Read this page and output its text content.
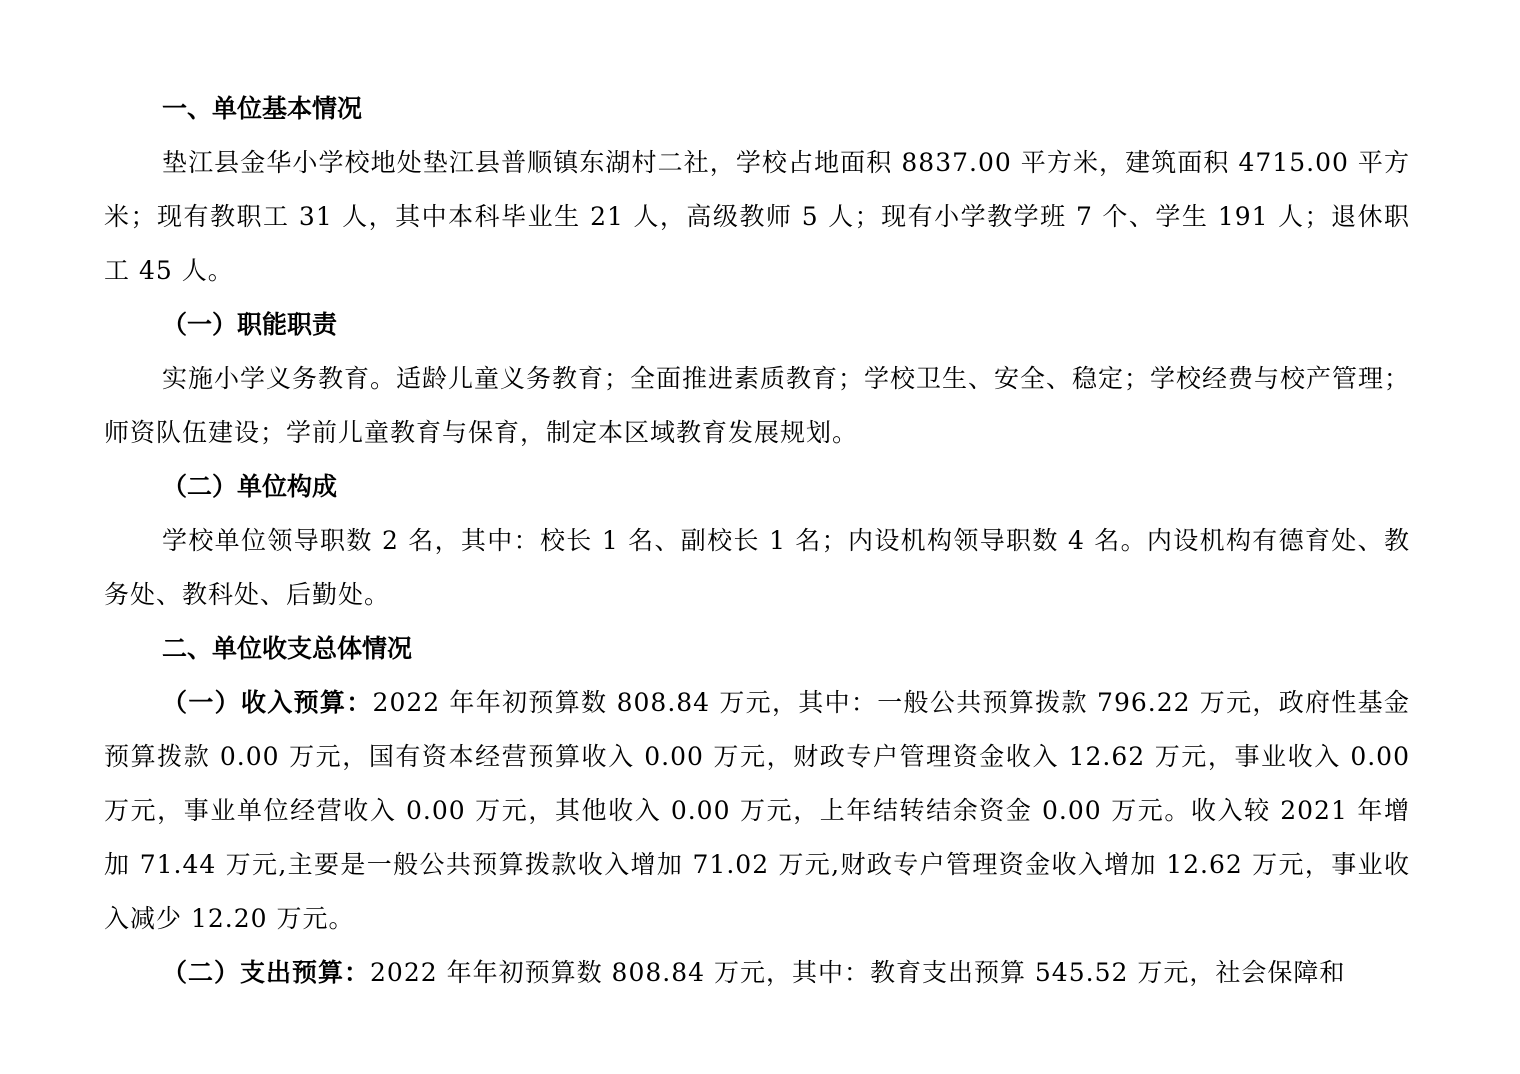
一、单位基本情况

垫江县金华小学校地处垫江县普顺镇东湖村二社，学校占地面积 8837.00 平方米，建筑面积 4715.00 平方米；现有教职工 31 人，其中本科毕业生 21 人，高级教师 5 人；现有小学教学班 7 个、学生 191 人；退休职工 45 人。

（一）职能职责

实施小学义务教育。适龄儿童义务教育；全面推进素质教育；学校卫生、安全、稳定；学校经费与校产管理；师资队伍建设；学前儿童教育与保育，制定本区域教育发展规划。

（二）单位构成

学校单位领导职数 2 名，其中：校长 1 名、副校长 1 名；内设机构领导职数 4 名。内设机构有德育处、教务处、教科处、后勤处。

二、单位收支总体情况

（一）收入预算：2022 年年初预算数 808.84 万元，其中：一般公共预算拨款 796.22 万元，政府性基金预算拨款 0.00 万元，国有资本经营预算收入 0.00 万元，财政专户管理资金收入 12.62 万元，事业收入 0.00 万元，事业单位经营收入 0.00 万元，其他收入 0.00 万元，上年结转结余资金 0.00 万元。收入较 2021 年增加 71.44 万元,主要是一般公共预算拨款收入增加 71.02 万元,财政专户管理资金收入增加 12.62 万元，事业收入减少 12.20 万元。

（二）支出预算：2022 年年初预算数 808.84 万元，其中：教育支出预算 545.52 万元，社会保障和
